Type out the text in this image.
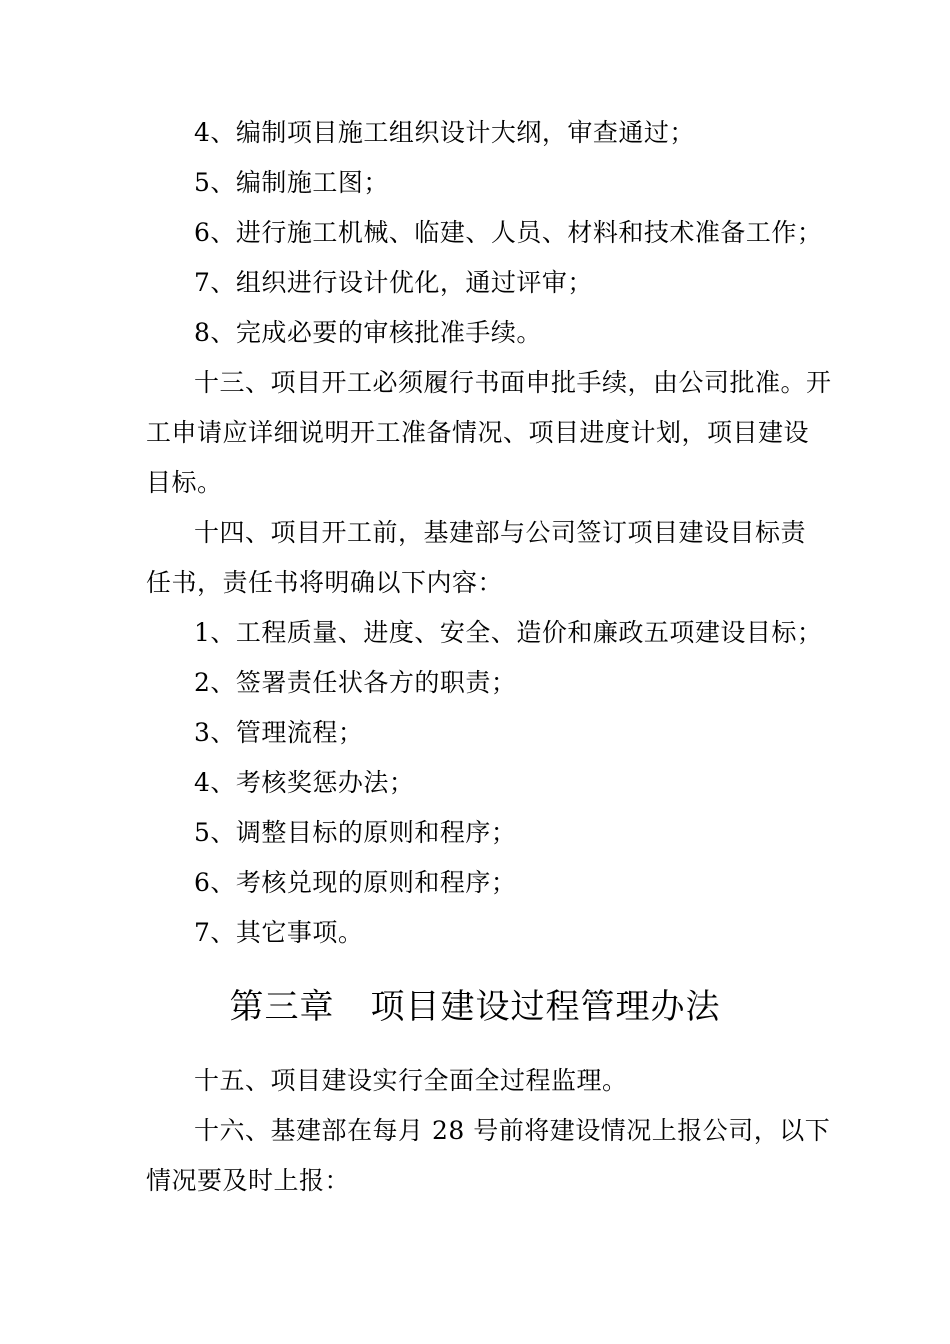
4、编制项目施工组织设计大纲，审查通过；
5、编制施工图；
6、进行施工机械、临建、人员、材料和技术准备工作；
7、组织进行设计优化，通过评审；
8、完成必要的审核批准手续。
十三、项目开工必须履行书面申批手续，由公司批准。开
工申请应详细说明开工准备情况、项目进度计划，项目建设
目标。
十四、项目开工前，基建部与公司签订项目建设目标责
任书，责任书将明确以下内容：
1、工程质量、进度、安全、造价和廉政五项建设目标；
2、签署责任状各方的职责；
3、管理流程；
4、考核奖惩办法；
5、调整目标的原则和程序；
6、考核兑现的原则和程序；
7、其它事项。
第三章 项目建设过程管理办法
十五、项目建设实行全面全过程监理。
十六、基建部在每月 28 号前将建设情况上报公司，以下
情况要及时上报：
